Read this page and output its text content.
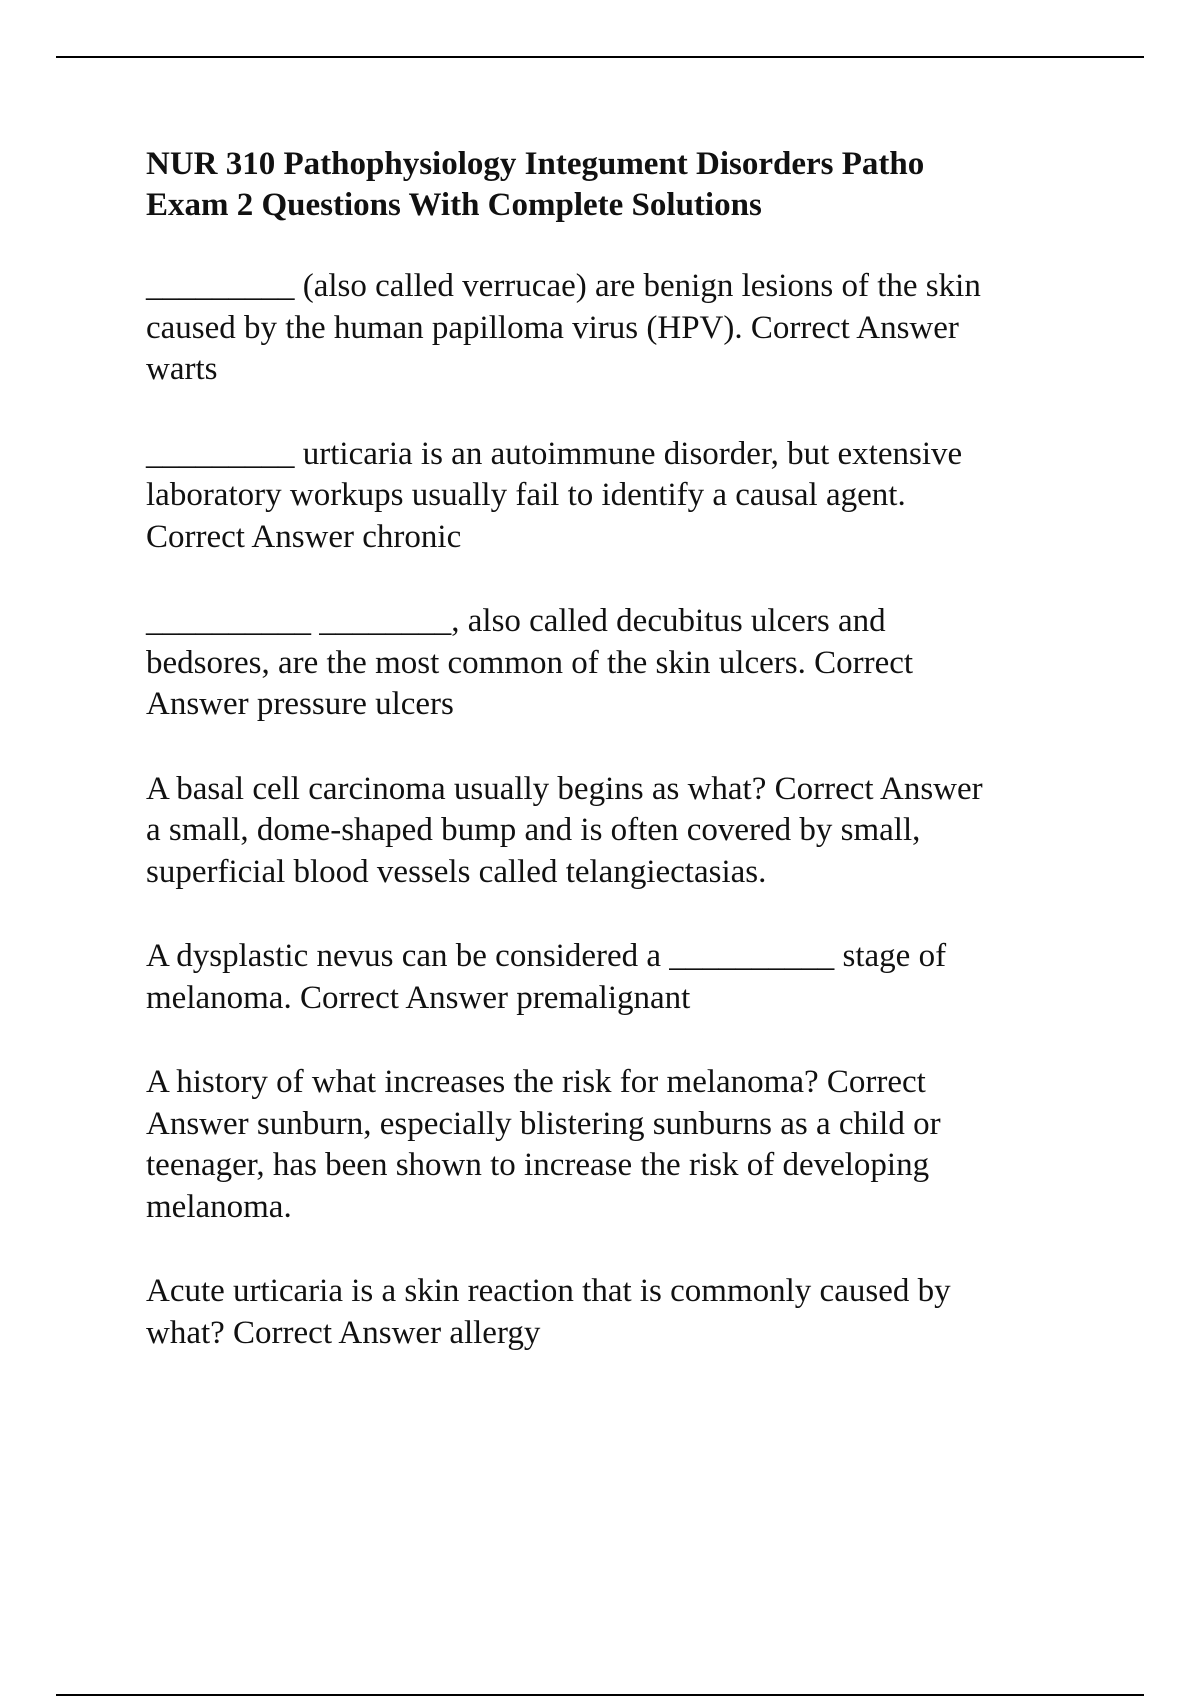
NUR 310 Pathophysiology Integument Disorders Patho
Exam 2 Questions With Complete Solutions

_________ (also called verrucae) are benign lesions of the skin
caused by the human papilloma virus (HPV). Correct Answer
warts

_________ urticaria is an autoimmune disorder, but extensive
laboratory workups usually fail to identify a causal agent.
Correct Answer chronic

__________ ________, also called decubitus ulcers and
bedsores, are the most common of the skin ulcers. Correct
Answer pressure ulcers

A basal cell carcinoma usually begins as what? Correct Answer
a small, dome-shaped bump and is often covered by small,
superficial blood vessels called telangiectasias.

A dysplastic nevus can be considered a __________ stage of
melanoma. Correct Answer premalignant

A history of what increases the risk for melanoma? Correct
Answer sunburn, especially blistering sunburns as a child or
teenager, has been shown to increase the risk of developing
melanoma.

Acute urticaria is a skin reaction that is commonly caused by
what? Correct Answer allergy
